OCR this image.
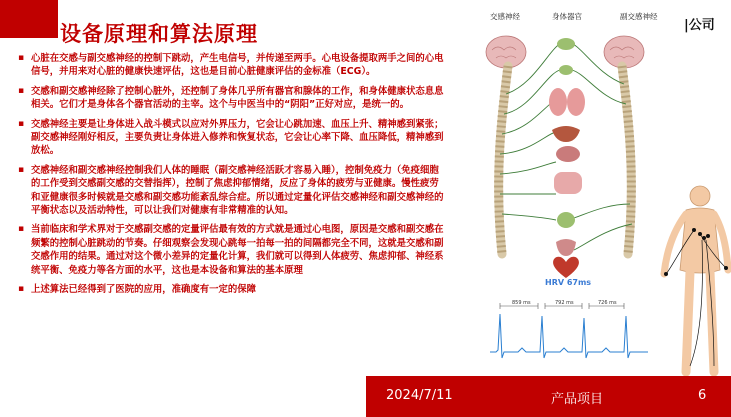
设备原理和算法原理	|公司
▪ 心脏在交感与副交感神经的控制下跳动，产生电信号，并传递至两手。心电设备提取两手之间的心电信号，并用来对心脏的健康快速评估，这也是目前心脏健康评估的金标准（ECG）。
▪ 交感和副交感神经除了控制心脏外，还控制了身体几乎所有器官和腺体的工作，和身体健康状态息息相关。它们才是身体各个器官活动的主宰。这个与中医当中的“阴阳”正好对应，是统一的。
▪ 交感神经主要是让身体进入战斗模式以应对外界压力，它会让心跳加速、血压上升、精神感到紧张；副交感神经刚好相反，主要负责让身体进入修养和恢复状态，它会让心率下降、血压降低，精神感到放松。
▪ 交感神经和副交感神经控制我们人体的睡眠（副交感神经活跃才容易入睡），控制免疫力（免疫细胞的工作受到交感副交感的交替指挥），控制了焦虑抑郁情绪，反应了身体的疲劳与亚健康。慢性疲劳和亚健康很多时候就是交感和副交感功能紊乱综合症。所以通过定量化评估交感神经和副交感神经的平衡状态以及活动特性，可以让我们对健康有非常精准的认知。
▪ 当前临床和学术界对于交感副交感的定量评估最有效的方式就是通过心电图，原因是交感和副交感在频繁的控制心脏跳动的节奏。仔细观察会发现心跳每一拍每一拍的间隔都完全不同，这就是交感和副交感作用的结果。通过对这个微小差异的定量化计算，我们就可以得到人体疲劳、焦虑抑郁、神经系统平衡、免疫力等各方面的水平，这也是本设备和算法的基本原理
▪ 上述算法已经得到了医院的应用，准确度有一定的保障
交感神经	身体器官	副交感神经
HRV 67ms
859 ms	792 ms	726 ms
2024/7/11	产品项目	6
